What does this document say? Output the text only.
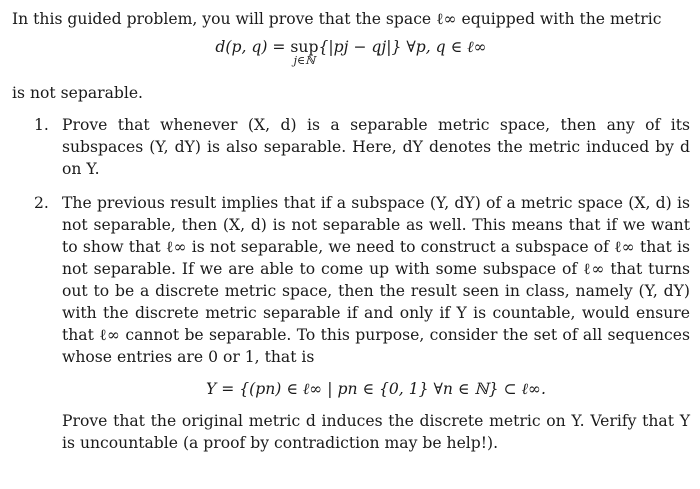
In this guided problem, you will prove that the space ℓ∞ equipped with the metric

d(p, q) = sup
j∈ℕ
{|pj − qj|} ∀p, q ∈ ℓ∞

is not separable.

1. Prove that whenever (X, d) is a separable metric space, then any of its subspaces (Y, dY) is also separable. Here, dY denotes the metric induced by d on Y.
2. The previous result implies that if a subspace (Y, dY) of a metric space (X, d) is not separable, then (X, d) is not separable as well. This means that if we want to show that ℓ∞ is not separable, we need to construct a subspace of ℓ∞ that is not separable. If we are able to come up with some subspace of ℓ∞ that turns out to be a discrete metric space, then the result seen in class, namely (Y, dY) with the discrete metric separable if and only if Y is countable, would ensure that ℓ∞ cannot be separable. To this purpose, consider the set of all sequences whose entries are 0 or 1, that is
Y = {(pn) ∈ ℓ∞ | pn ∈ {0, 1} ∀n ∈ ℕ} ⊂ ℓ∞.
Prove that the original metric d induces the discrete metric on Y. Verify that Y is uncountable (a proof by contradiction may be help!).
